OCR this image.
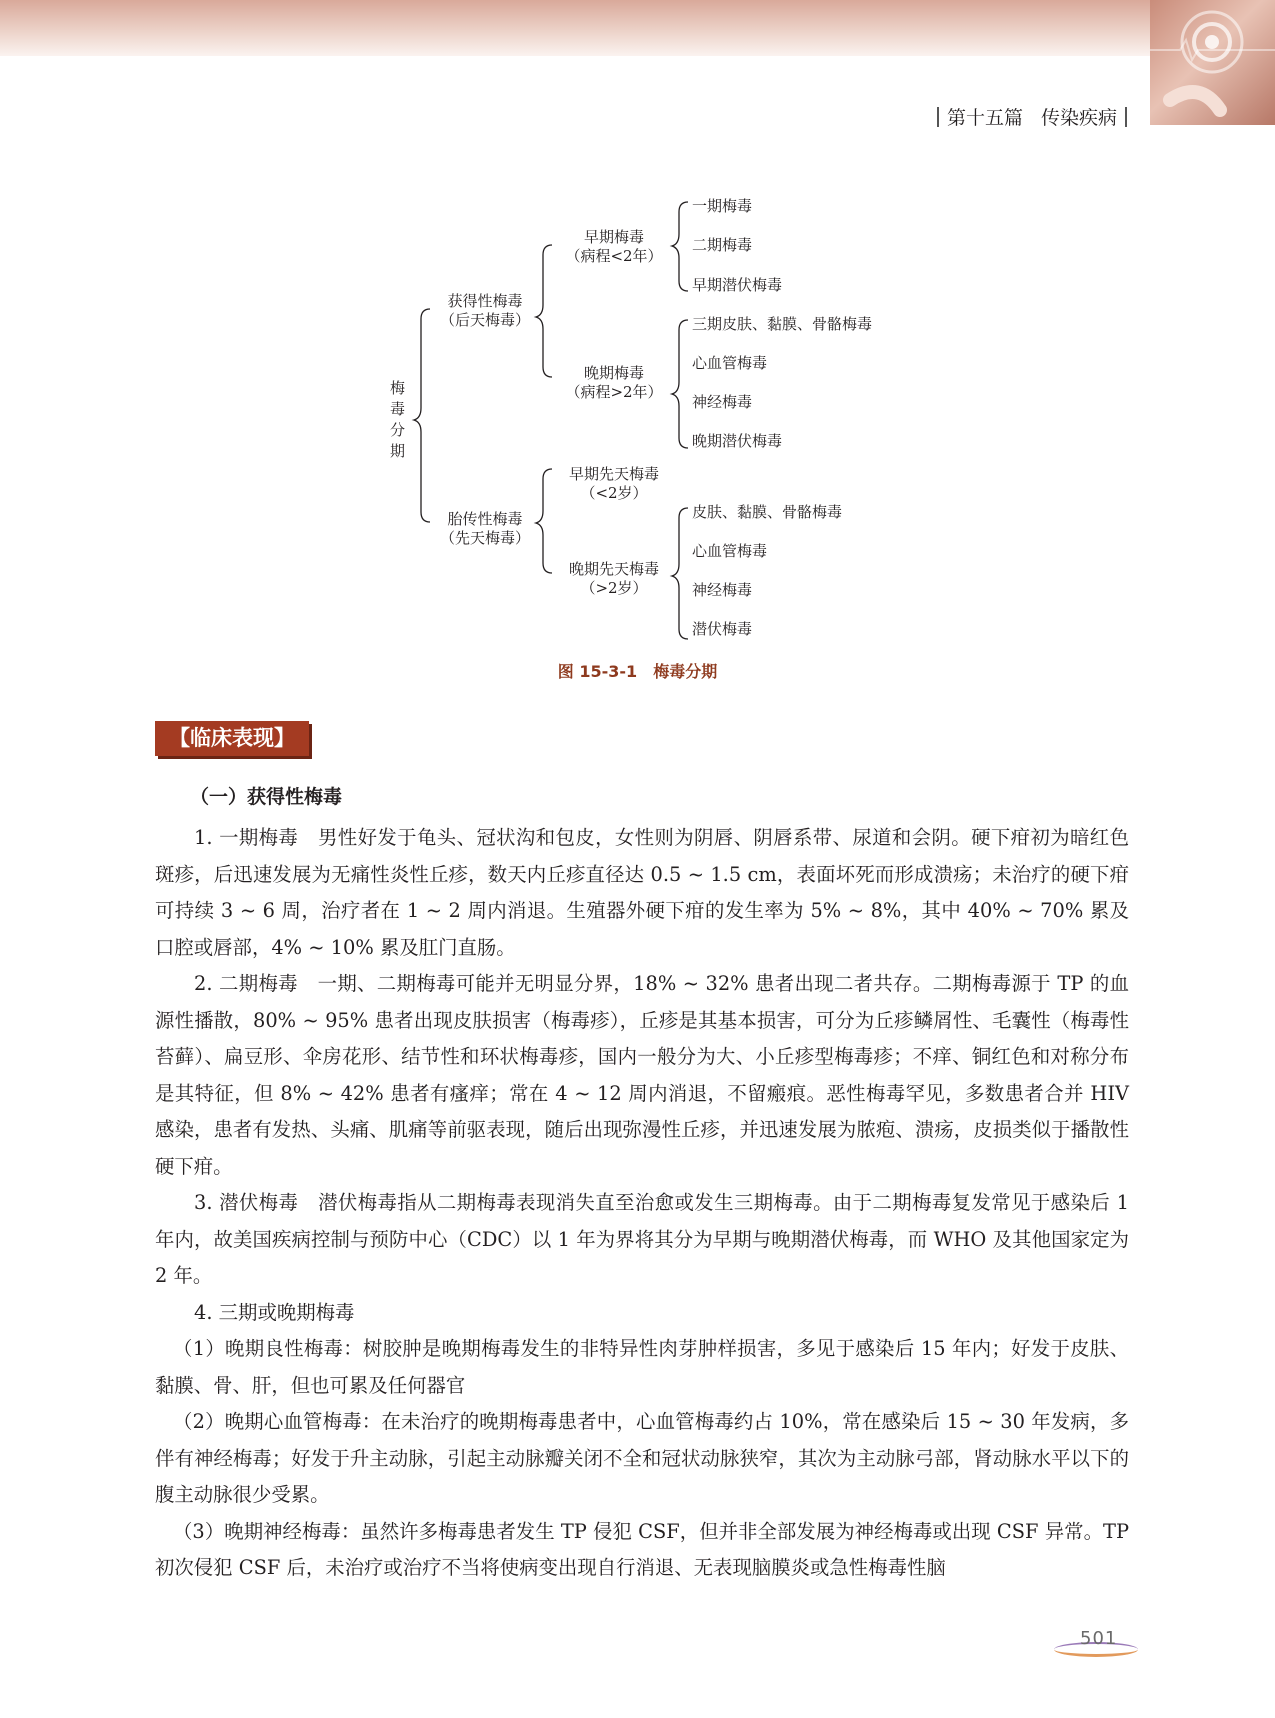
第十五篇 传染疾病
梅
毒
分
期
获得性梅毒
（后天梅毒）
早期梅毒
（病程<2年）
晚期梅毒
（病程>2年）
一期梅毒
二期梅毒
早期潜伏梅毒
三期皮肤、黏膜、骨骼梅毒
心血管梅毒
神经梅毒
晚期潜伏梅毒
胎传性梅毒
（先天梅毒）
早期先天梅毒
（<2岁）
晚期先天梅毒
（>2岁）
皮肤、黏膜、骨骼梅毒
心血管梅毒
神经梅毒
潜伏梅毒
图 15-3-1 梅毒分期
【临床表现】
（一）获得性梅毒

1. 一期梅毒　男性好发于龟头、冠状沟和包皮，女性则为阴唇、阴唇系带、尿道和会阴。硬下疳初为暗红色斑疹，后迅速发展为无痛性炎性丘疹，数天内丘疹直径达 0.5 ~ 1.5 cm，表面坏死而形成溃疡；未治疗的硬下疳可持续 3 ~ 6 周，治疗者在 1 ~ 2 周内消退。生殖器外硬下疳的发生率为 5% ~ 8%，其中 40% ~ 70% 累及口腔或唇部，4% ~ 10% 累及肛门直肠。

2. 二期梅毒　一期、二期梅毒可能并无明显分界，18% ~ 32% 患者出现二者共存。二期梅毒源于 TP 的血源性播散，80% ~ 95% 患者出现皮肤损害（梅毒疹），丘疹是其基本损害，可分为丘疹鳞屑性、毛囊性（梅毒性苔藓）、扁豆形、伞房花形、结节性和环状梅毒疹，国内一般分为大、小丘疹型梅毒疹；不痒、铜红色和对称分布是其特征，但 8% ~ 42% 患者有瘙痒；常在 4 ~ 12 周内消退，不留瘢痕。恶性梅毒罕见，多数患者合并 HIV 感染，患者有发热、头痛、肌痛等前驱表现，随后出现弥漫性丘疹，并迅速发展为脓疱、溃疡，皮损类似于播散性硬下疳。

3. 潜伏梅毒　潜伏梅毒指从二期梅毒表现消失直至治愈或发生三期梅毒。由于二期梅毒复发常见于感染后 1 年内，故美国疾病控制与预防中心（CDC）以 1 年为界将其分为早期与晚期潜伏梅毒，而 WHO 及其他国家定为 2 年。

4. 三期或晚期梅毒

（1）晚期良性梅毒：树胶肿是晚期梅毒发生的非特异性肉芽肿样损害，多见于感染后 15 年内；好发于皮肤、黏膜、骨、肝，但也可累及任何器官

（2）晚期心血管梅毒：在未治疗的晚期梅毒患者中，心血管梅毒约占 10%，常在感染后 15 ~ 30 年发病，多伴有神经梅毒；好发于升主动脉，引起主动脉瓣关闭不全和冠状动脉狭窄，其次为主动脉弓部，肾动脉水平以下的腹主动脉很少受累。

（3）晚期神经梅毒：虽然许多梅毒患者发生 TP 侵犯 CSF，但并非全部发展为神经梅毒或出现 CSF 异常。TP 初次侵犯 CSF 后，未治疗或治疗不当将使病变出现自行消退、无表现脑膜炎或急性梅毒性脑

501
